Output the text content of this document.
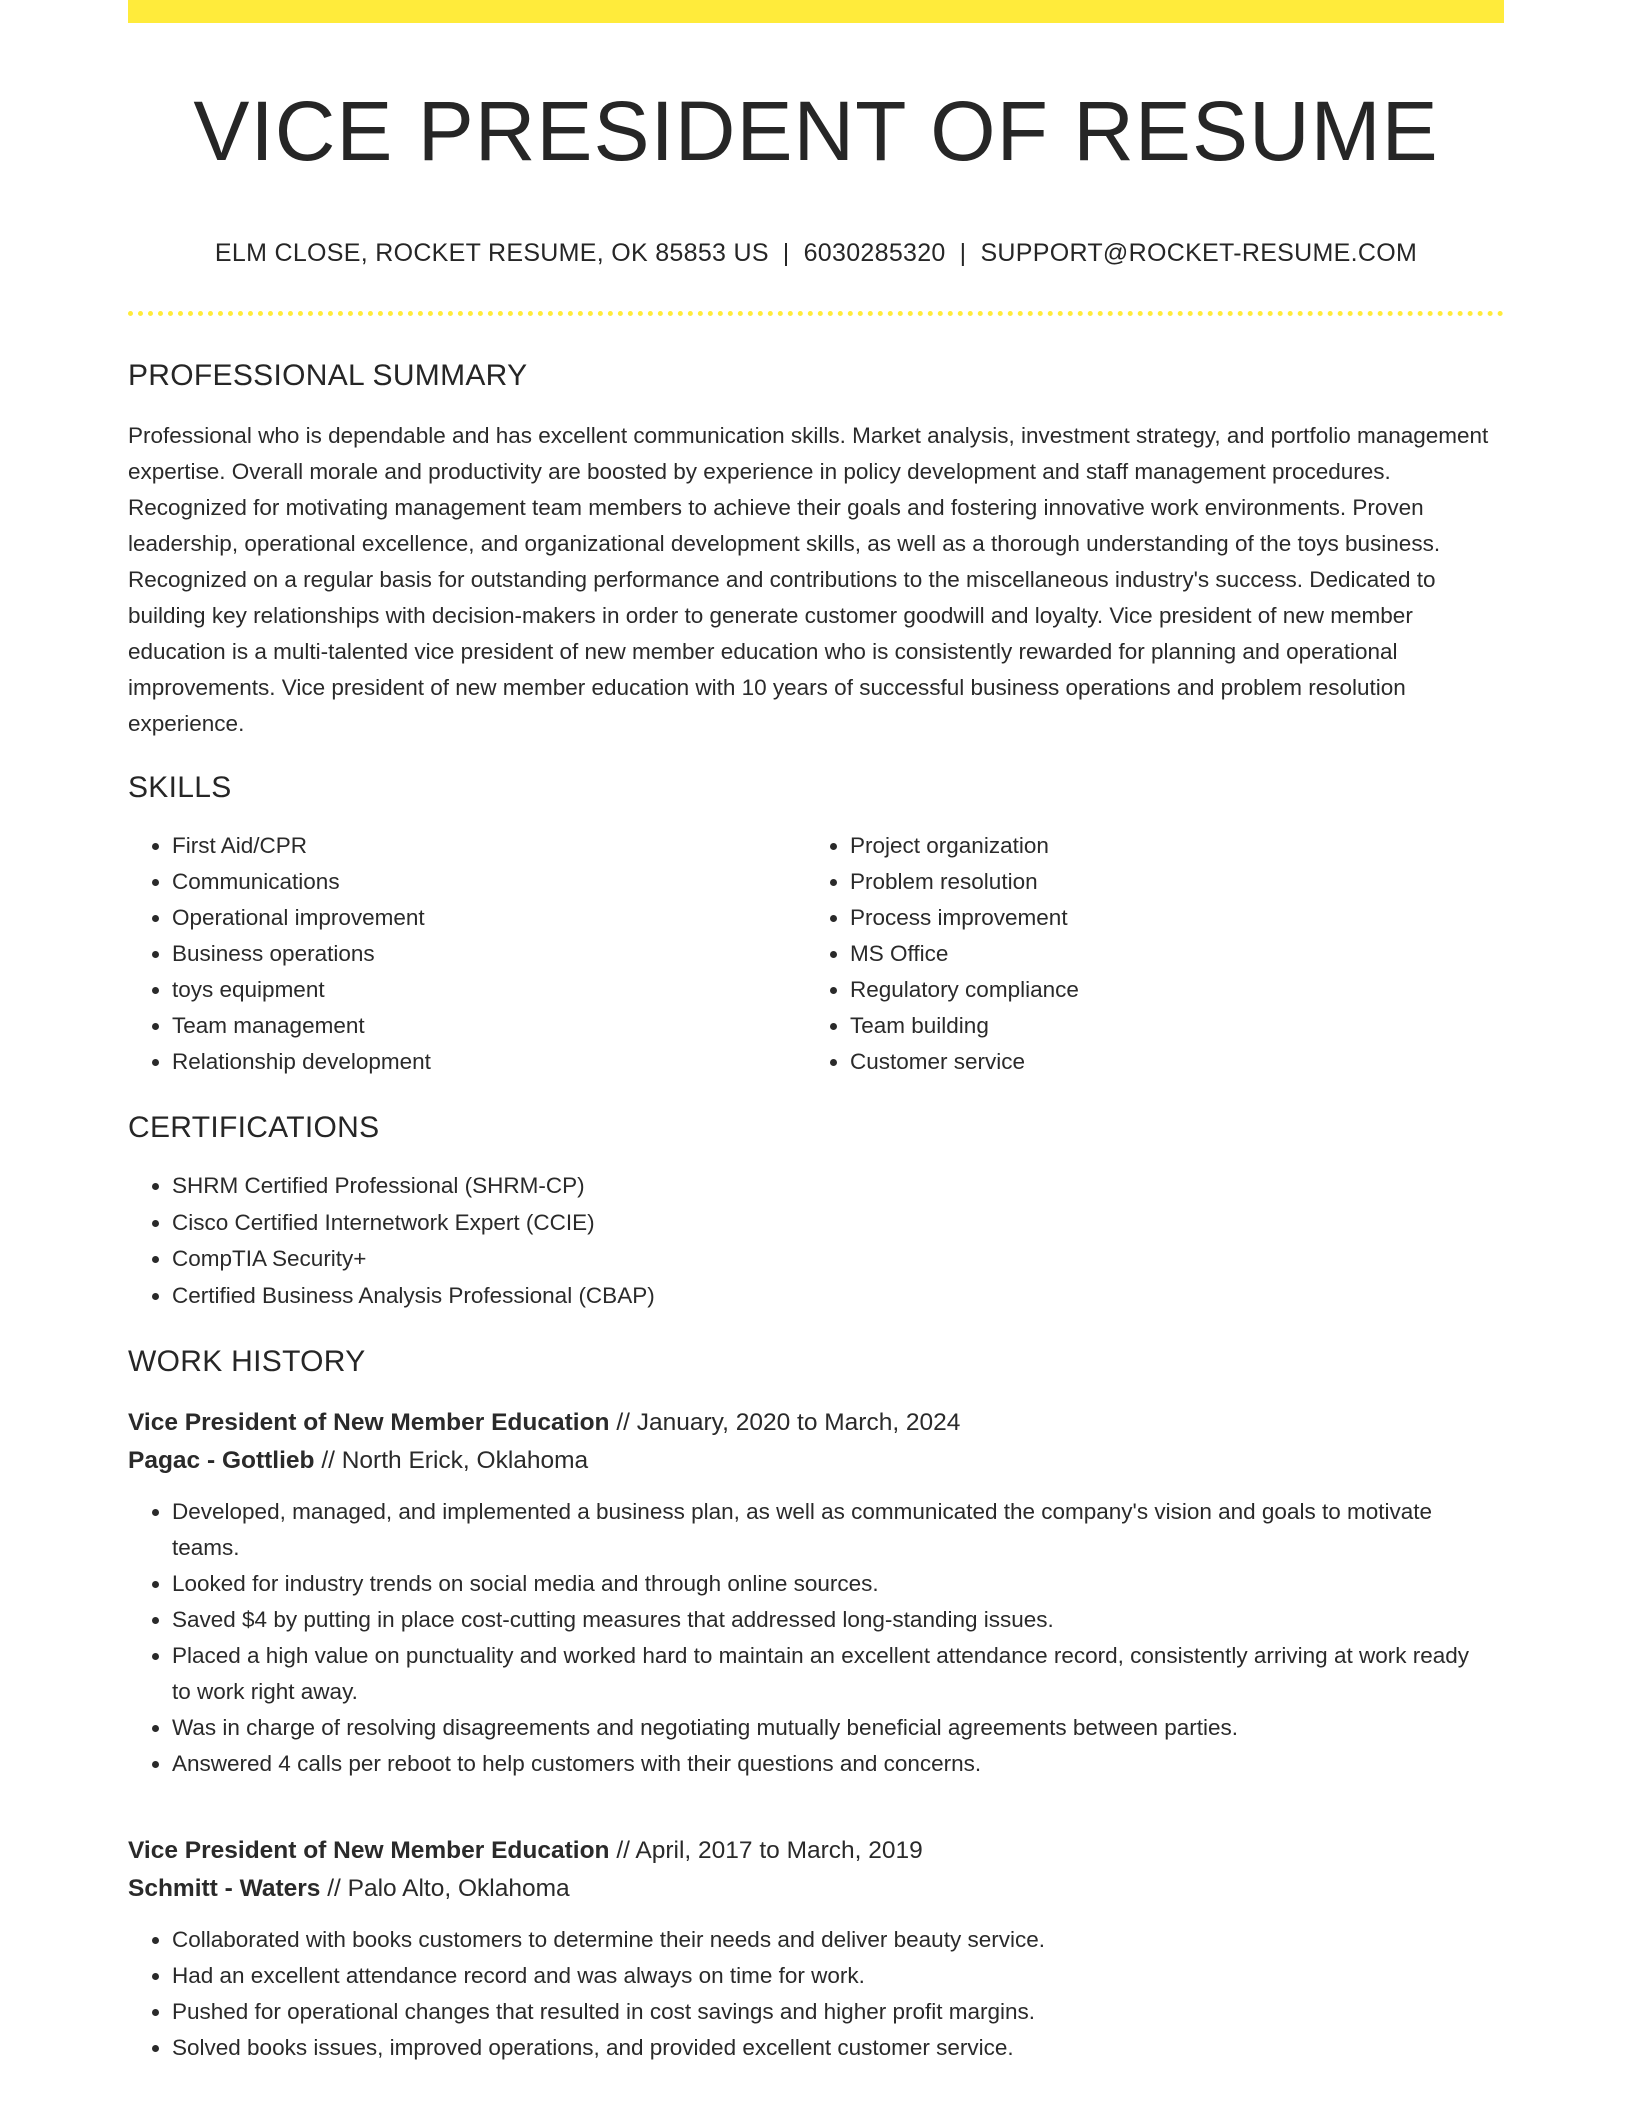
VICE PRESIDENT OF RESUME
ELM CLOSE, ROCKET RESUME, OK 85853 US | 6030285320 | SUPPORT@ROCKET-RESUME.COM
PROFESSIONAL SUMMARY
Professional who is dependable and has excellent communication skills. Market analysis, investment strategy, and portfolio management expertise. Overall morale and productivity are boosted by experience in policy development and staff management procedures. Recognized for motivating management team members to achieve their goals and fostering innovative work environments. Proven leadership, operational excellence, and organizational development skills, as well as a thorough understanding of the toys business. Recognized on a regular basis for outstanding performance and contributions to the miscellaneous industry's success. Dedicated to building key relationships with decision-makers in order to generate customer goodwill and loyalty. Vice president of new member education is a multi-talented vice president of new member education who is consistently rewarded for planning and operational improvements. Vice president of new member education with 10 years of successful business operations and problem resolution experience.
SKILLS
• First Aid/CPR
• Communications
• Operational improvement
• Business operations
• toys equipment
• Team management
• Relationship development
• Project organization
• Problem resolution
• Process improvement
• MS Office
• Regulatory compliance
• Team building
• Customer service
CERTIFICATIONS
• SHRM Certified Professional (SHRM-CP)
• Cisco Certified Internetwork Expert (CCIE)
• CompTIA Security+
• Certified Business Analysis Professional (CBAP)
WORK HISTORY
Vice President of New Member Education // January, 2020 to March, 2024
Pagac - Gottlieb // North Erick, Oklahoma
• Developed, managed, and implemented a business plan, as well as communicated the company's vision and goals to motivate teams.
• Looked for industry trends on social media and through online sources.
• Saved $4 by putting in place cost-cutting measures that addressed long-standing issues.
• Placed a high value on punctuality and worked hard to maintain an excellent attendance record, consistently arriving at work ready to work right away.
• Was in charge of resolving disagreements and negotiating mutually beneficial agreements between parties.
• Answered 4 calls per reboot to help customers with their questions and concerns.
Vice President of New Member Education // April, 2017 to March, 2019
Schmitt - Waters // Palo Alto, Oklahoma
• Collaborated with books customers to determine their needs and deliver beauty service.
• Had an excellent attendance record and was always on time for work.
• Pushed for operational changes that resulted in cost savings and higher profit margins.
• Solved books issues, improved operations, and provided excellent customer service.
